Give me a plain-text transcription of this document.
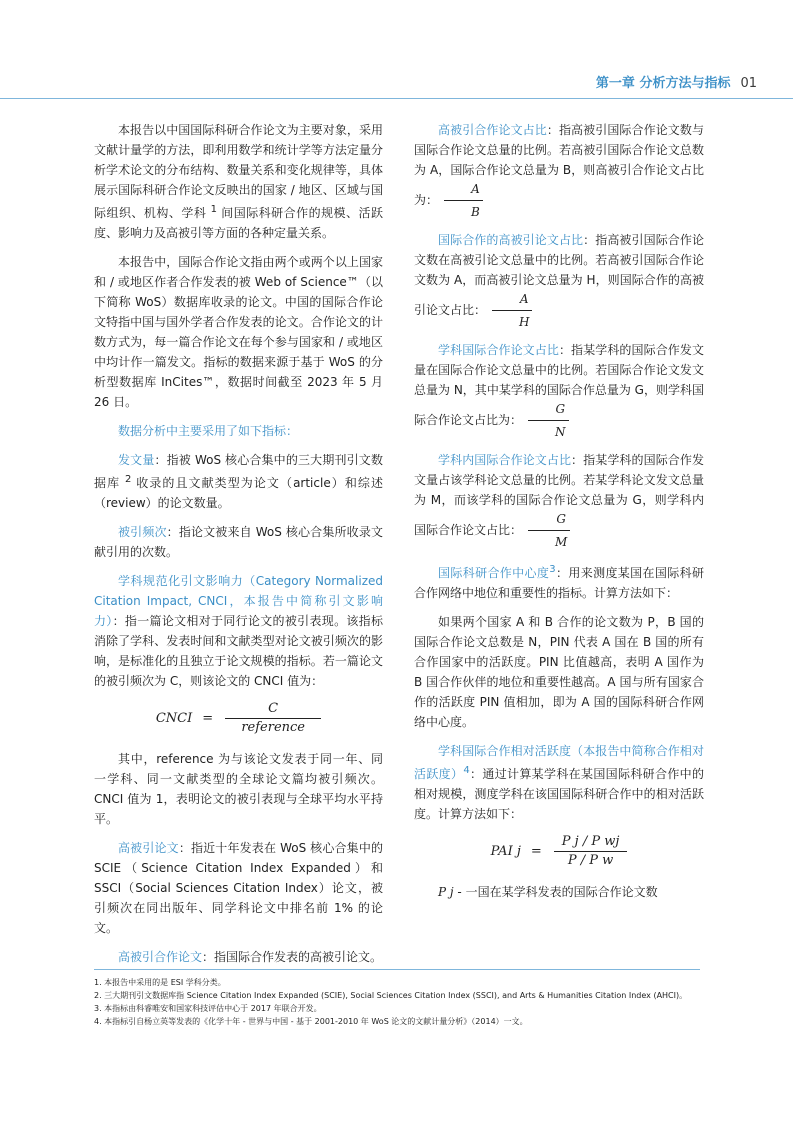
第一章 分析方法与指标 01

本报告以中国国际科研合作论文为主要对象，采用文献计量学的方法，即利用数学和统计学等方法定量分析学术论文的分布结构、数量关系和变化规律等，具体展示国际科研合作论文反映出的国家 / 地区、区域与国际组织、机构、学科 $^1$ 间国际科研合作的规模、活跃度、影响力及高被引等方面的各种定量关系。

本报告中，国际合作论文指由两个或两个以上国家和 / 或地区作者合作发表的被 Web of Science™（以下简称 WoS）数据库收录的论文。中国的国际合作论文特指中国与国外学者合作发表的论文。合作论文的计数方式为，每一篇合作论文在每个参与国家和 / 或地区中均计作一篇发文。指标的数据来源于基于 WoS 的分析型数据库 InCites™，数据时间截至 2023 年 5 月 26 日。

数据分析中主要采用了如下指标：

发文量：指被 WoS 核心合集中的三大期刊引文数据库 $^2$ 收录的且文献类型为论文（article）和综述（review）的论文数量。

被引频次：指论文被来自 WoS 核心合集所收录文献引用的次数。

学科规范化引文影响力（Category Normalized Citation Impact, CNCI，本报告中简称引文影响力）：指一篇论文相对于同行论文的被引表现。该指标消除了学科、发表时间和文献类型对论文被引频次的影响，是标准化的且独立于论文规模的指标。若一篇论文的被引频次为 C，则该论文的 CNCI 值为：

CNCI = $\frac{C}{\text{reference}}$

其中，reference 为与该论文发表于同一年、同一学科、同一文献类型的全球论文篇均被引频次。CNCI 值为 1，表明论文的被引表现与全球平均水平持平。

高被引论文：指近十年发表在 WoS 核心合集中的 SCIE（Science Citation Index Expanded）和 SSCI（Social Sciences Citation Index）论文，被引频次在同出版年、同学科论文中排名前 1% 的论文。

高被引合作论文：指国际合作发表的高被引论文。

高被引合作论文占比：指高被引国际合作论文数与国际合作论文总量的比例。若高被引国际合作论文总数为 A，国际合作论文总量为 B，则高被引合作论文占比为： $\frac{A}{B}$

国际合作的高被引论文占比：指高被引国际合作论文数在高被引论文总量中的比例。若高被引国际合作论文数为 A，而高被引论文总量为 H，则国际合作的高被引论文占比： $\frac{A}{H}$

学科国际合作论文占比：指某学科的国际合作发文量在国际合作论文总量中的比例。若国际合作论文发文总量为 N，其中某学科的国际合作总量为 G，则学科国际合作论文占比为： $\frac{G}{N}$

学科内国际合作论文占比：指某学科的国际合作发文量占该学科论文总量的比例。若某学科论文发文总量为 M，而该学科的国际合作论文总量为 G，则学科内国际合作论文占比： $\frac{G}{M}$

国际科研合作中心度$^3$：用来测度某国在国际科研合作网络中地位和重要性的指标。计算方法如下：

如果两个国家 A 和 B 合作的论文数为 P，B 国的国际合作论文总数是 N，PIN 代表 A 国在 B 国的所有合作国家中的活跃度。PIN 比值越高，表明 A 国作为 B 国合作伙伴的地位和重要性越高。A 国与所有国家合作的活跃度 PIN 值相加，即为 A 国的国际科研合作网络中心度。

学科国际合作相对活跃度（本报告中简称合作相对活跃度）$^4$：通过计算某学科在某国国际科研合作中的相对规模，测度学科在该国国际科研合作中的相对活跃度。计算方法如下：

PAI $j = \frac{\text{P j / P wj}}{\text{P / P w}}$

P j - 一国在某学科发表的国际合作论文数

1. 本报告中采用的是 ESI 学科分类。
2. 三大期刊引文数据库指 Science Citation Index Expanded (SCIE), Social Sciences Citation Index (SSCI), and Arts & Humanities Citation Index (AHCI)。
3. 本指标由科睿唯安和国家科技评估中心于 2017 年联合开发。
4. 本指标引自杨立英等发表的《化学十年 - 世界与中国 - 基于 2001-2010 年 WoS 论文的文献计量分析》（2014）一文。
